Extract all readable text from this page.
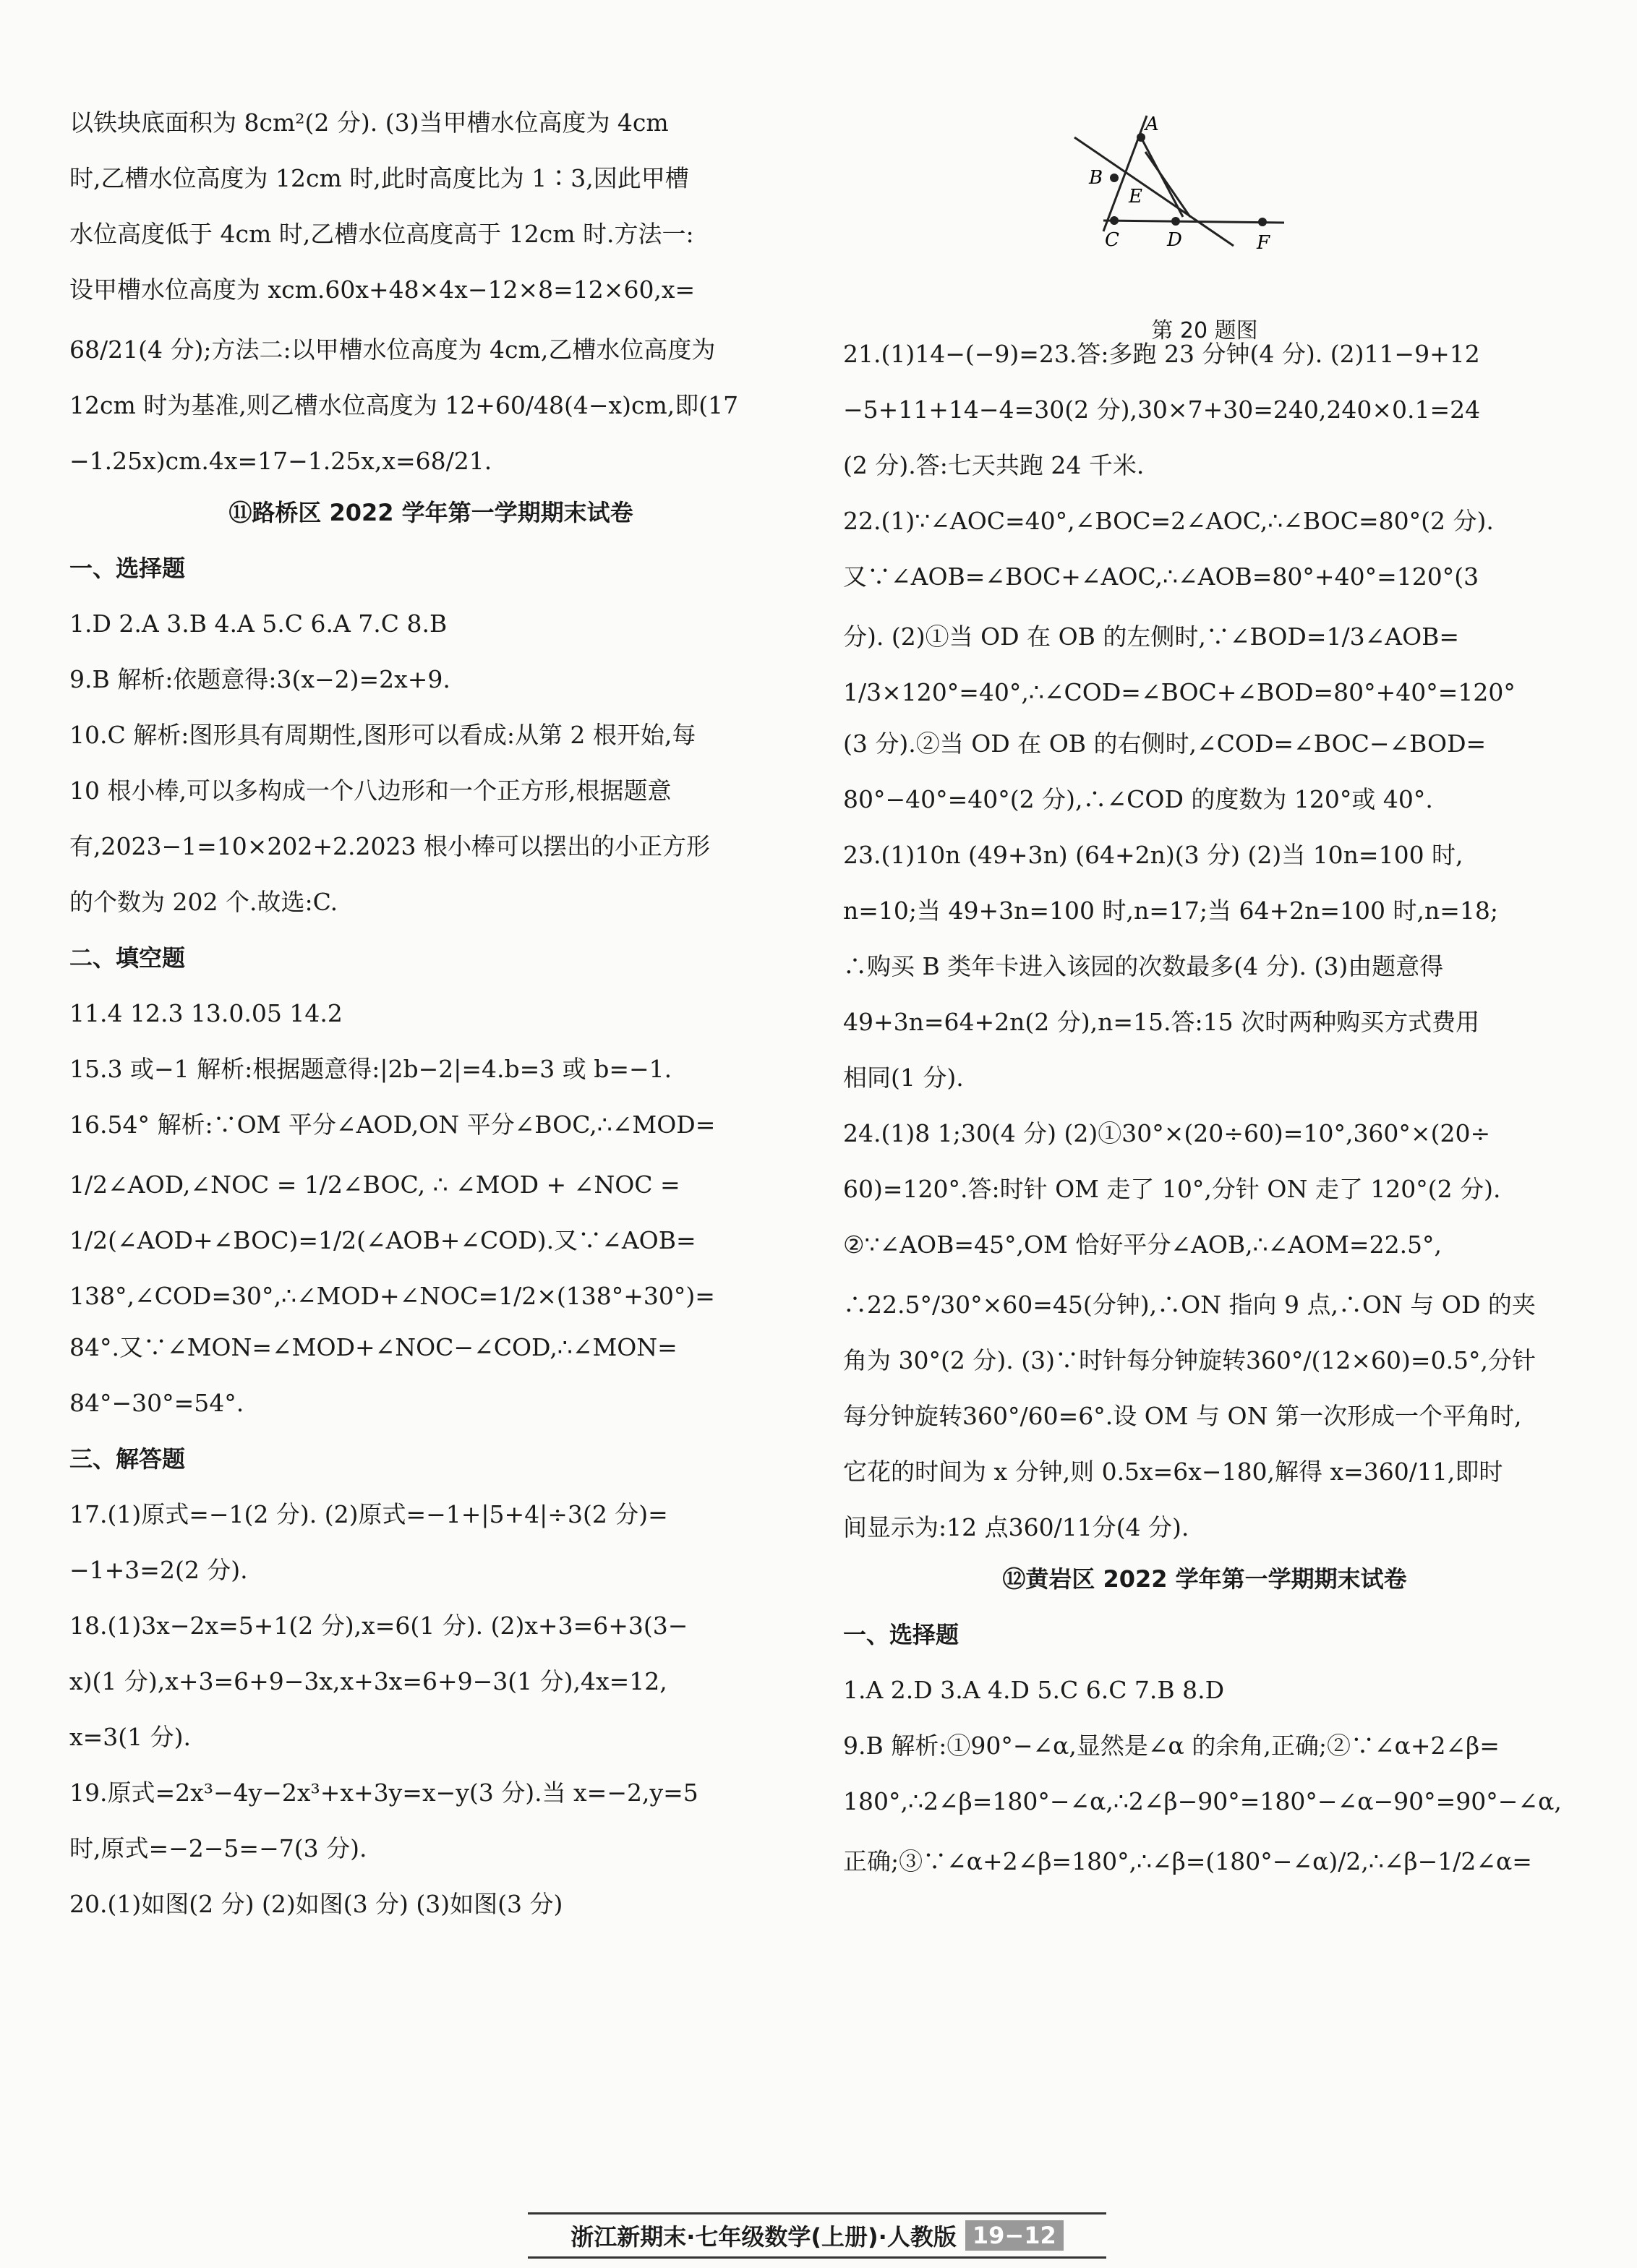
以铁块底面积为 8cm²(2 分). (3)当甲槽水位高度为 4cm
时,乙槽水位高度为 12cm 时,此时高度比为 1∶3,因此甲槽
水位高度低于 4cm 时,乙槽水位高度高于 12cm 时.方法一:
设甲槽水位高度为 xcm.60x+48×4x−12×8=12×60,x=
68/21(4 分);方法二:以甲槽水位高度为 4cm,乙槽水位高度为
12cm 时为基准,则乙槽水位高度为 12+60/48(4−x)cm,即(17
−1.25x)cm.4x=17−1.25x,x=68/21.
⑪路桥区 2022 学年第一学期期末试卷
一、选择题
1.D 2.A 3.B 4.A 5.C 6.A 7.C 8.B
9.B 解析:依题意得:3(x−2)=2x+9.
10.C 解析:图形具有周期性,图形可以看成:从第 2 根开始,每
10 根小棒,可以多构成一个八边形和一个正方形,根据题意
有,2023−1=10×202+2.2023 根小棒可以摆出的小正方形
的个数为 202 个.故选:C.
二、填空题
11.4 12.3 13.0.05 14.2
15.3 或−1 解析:根据题意得:|2b−2|=4.b=3 或 b=−1.
16.54° 解析:∵OM 平分∠AOD,ON 平分∠BOC,∴∠MOD=
1/2∠AOD,∠NOC = 1/2∠BOC, ∴ ∠MOD + ∠NOC =
1/2(∠AOD+∠BOC)=1/2(∠AOB+∠COD).又∵∠AOB=
138°,∠COD=30°,∴∠MOD+∠NOC=1/2×(138°+30°)=
84°.又∵∠MON=∠MOD+∠NOC−∠COD,∴∠MON=
84°−30°=54°.
三、解答题
17.(1)原式=−1(2 分). (2)原式=−1+|5+4|÷3(2 分)=
−1+3=2(2 分).
18.(1)3x−2x=5+1(2 分),x=6(1 分). (2)x+3=6+3(3−
x)(1 分),x+3=6+9−3x,x+3x=6+9−3(1 分),4x=12,
x=3(1 分).
19.原式=2x³−4y−2x³+x+3y=x−y(3 分).当 x=−2,y=5
时,原式=−2−5=−7(3 分).
20.(1)如图(2 分) (2)如图(3 分) (3)如图(3 分)
A
B
E
C	D	F
第 20 题图
21.(1)14−(−9)=23.答:多跑 23 分钟(4 分). (2)11−9+12
−5+11+14−4=30(2 分),30×7+30=240,240×0.1=24
(2 分).答:七天共跑 24 千米.
22.(1)∵∠AOC=40°,∠BOC=2∠AOC,∴∠BOC=80°(2 分).
又∵∠AOB=∠BOC+∠AOC,∴∠AOB=80°+40°=120°(3
分). (2)①当 OD 在 OB 的左侧时,∵∠BOD=1/3∠AOB=
1/3×120°=40°,∴∠COD=∠BOC+∠BOD=80°+40°=120°
(3 分).②当 OD 在 OB 的右侧时,∠COD=∠BOC−∠BOD=
80°−40°=40°(2 分),∴∠COD 的度数为 120°或 40°.
23.(1)10n (49+3n) (64+2n)(3 分) (2)当 10n=100 时,
n=10;当 49+3n=100 时,n=17;当 64+2n=100 时,n=18;
∴购买 B 类年卡进入该园的次数最多(4 分). (3)由题意得
49+3n=64+2n(2 分),n=15.答:15 次时两种购买方式费用
相同(1 分).
24.(1)8 1;30(4 分) (2)①30°×(20÷60)=10°,360°×(20÷
60)=120°.答:时针 OM 走了 10°,分针 ON 走了 120°(2 分).
②∵∠AOB=45°,OM 恰好平分∠AOB,∴∠AOM=22.5°,
∴22.5°/30°×60=45(分钟),∴ON 指向 9 点,∴ON 与 OD 的夹
角为 30°(2 分). (3)∵时针每分钟旋转360°/(12×60)=0.5°,分针
每分钟旋转360°/60=6°.设 OM 与 ON 第一次形成一个平角时,
它花的时间为 x 分钟,则 0.5x=6x−180,解得 x=360/11,即时
间显示为:12 点360/11分(4 分).
⑫黄岩区 2022 学年第一学期期末试卷
一、选择题
1.A 2.D 3.A 4.D 5.C 6.C 7.B 8.D
9.B 解析:①90°−∠α,显然是∠α 的余角,正确;②∵∠α+2∠β=
180°,∴2∠β=180°−∠α,∴2∠β−90°=180°−∠α−90°=90°−∠α,
正确;③∵∠α+2∠β=180°,∴∠β=(180°−∠α)/2,∴∠β−1/2∠α=
浙江新期末·七年级数学(上册)·人教版 19−12
